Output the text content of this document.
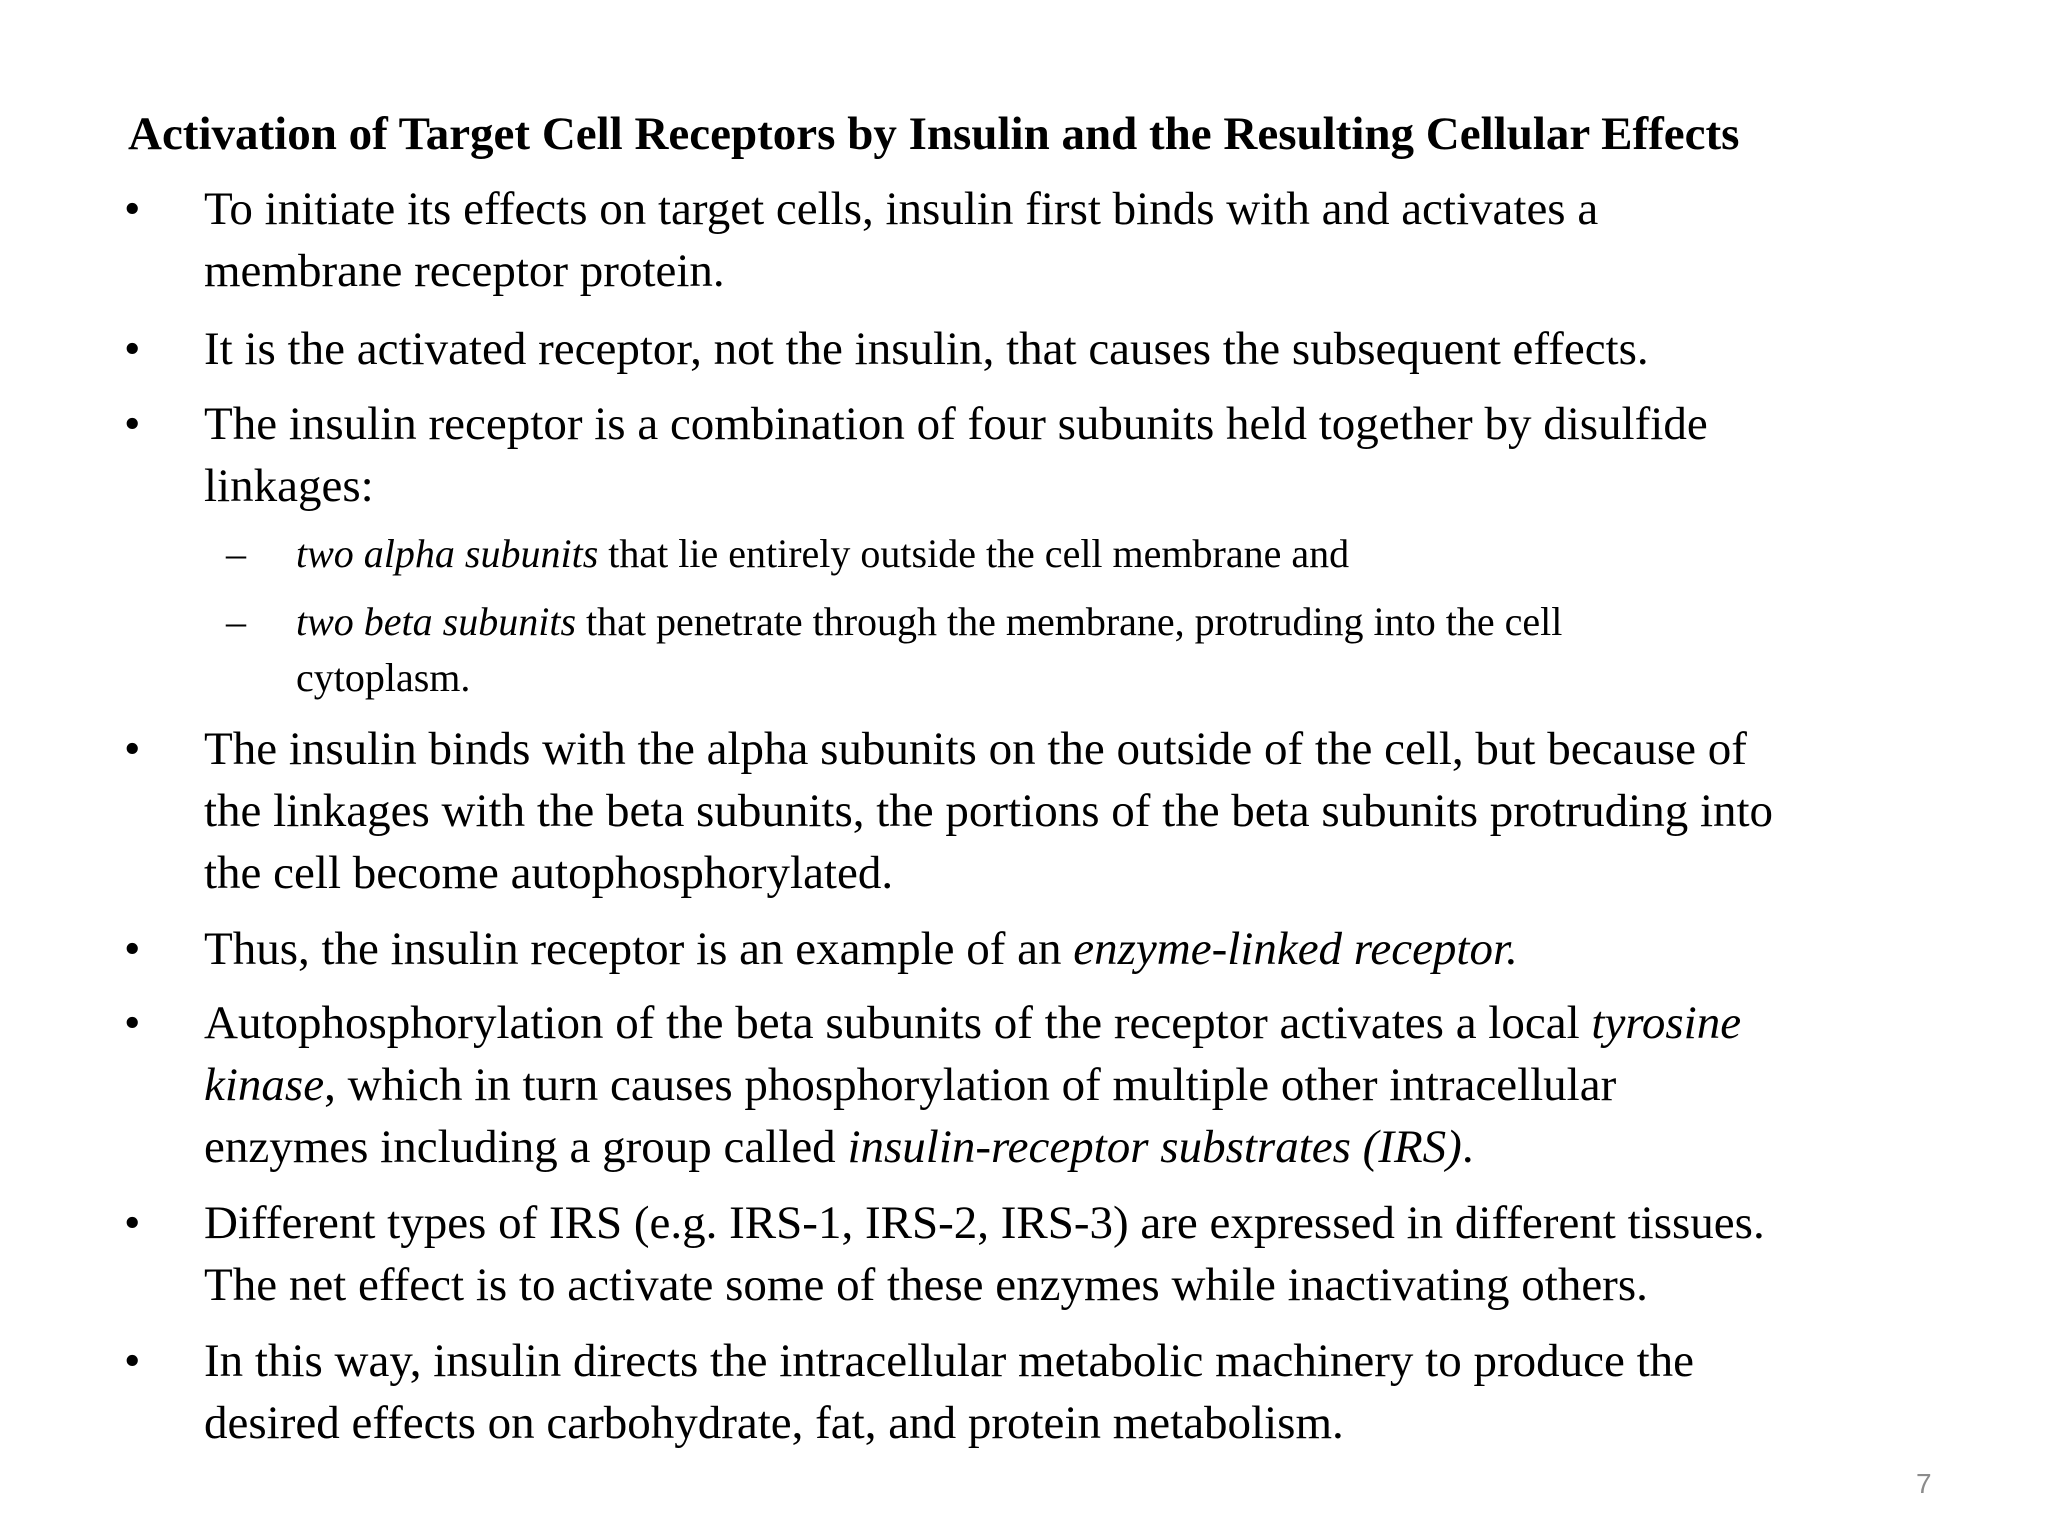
Activation of Target Cell Receptors by Insulin and the Resulting Cellular Effects
• To initiate its effects on target cells, insulin first binds with and activates a
membrane receptor protein.
• It is the activated receptor, not the insulin, that causes the subsequent effects.
• The insulin receptor is a combination of four subunits held together by disulfide
linkages:
– two alpha subunits that lie entirely outside the cell membrane and
– two beta subunits that penetrate through the membrane, protruding into the cell
cytoplasm.
• The insulin binds with the alpha subunits on the outside of the cell, but because of
the linkages with the beta subunits, the portions of the beta subunits protruding into
the cell become autophosphorylated.
• Thus, the insulin receptor is an example of an enzyme-linked receptor.
• Autophosphorylation of the beta subunits of the receptor activates a local tyrosine
kinase, which in turn causes phosphorylation of multiple other intracellular
enzymes including a group called insulin-receptor substrates (IRS).
• Different types of IRS (e.g. IRS-1, IRS-2, IRS-3) are expressed in different tissues.
The net effect is to activate some of these enzymes while inactivating others.
• In this way, insulin directs the intracellular metabolic machinery to produce the
desired effects on carbohydrate, fat, and protein metabolism.
7
